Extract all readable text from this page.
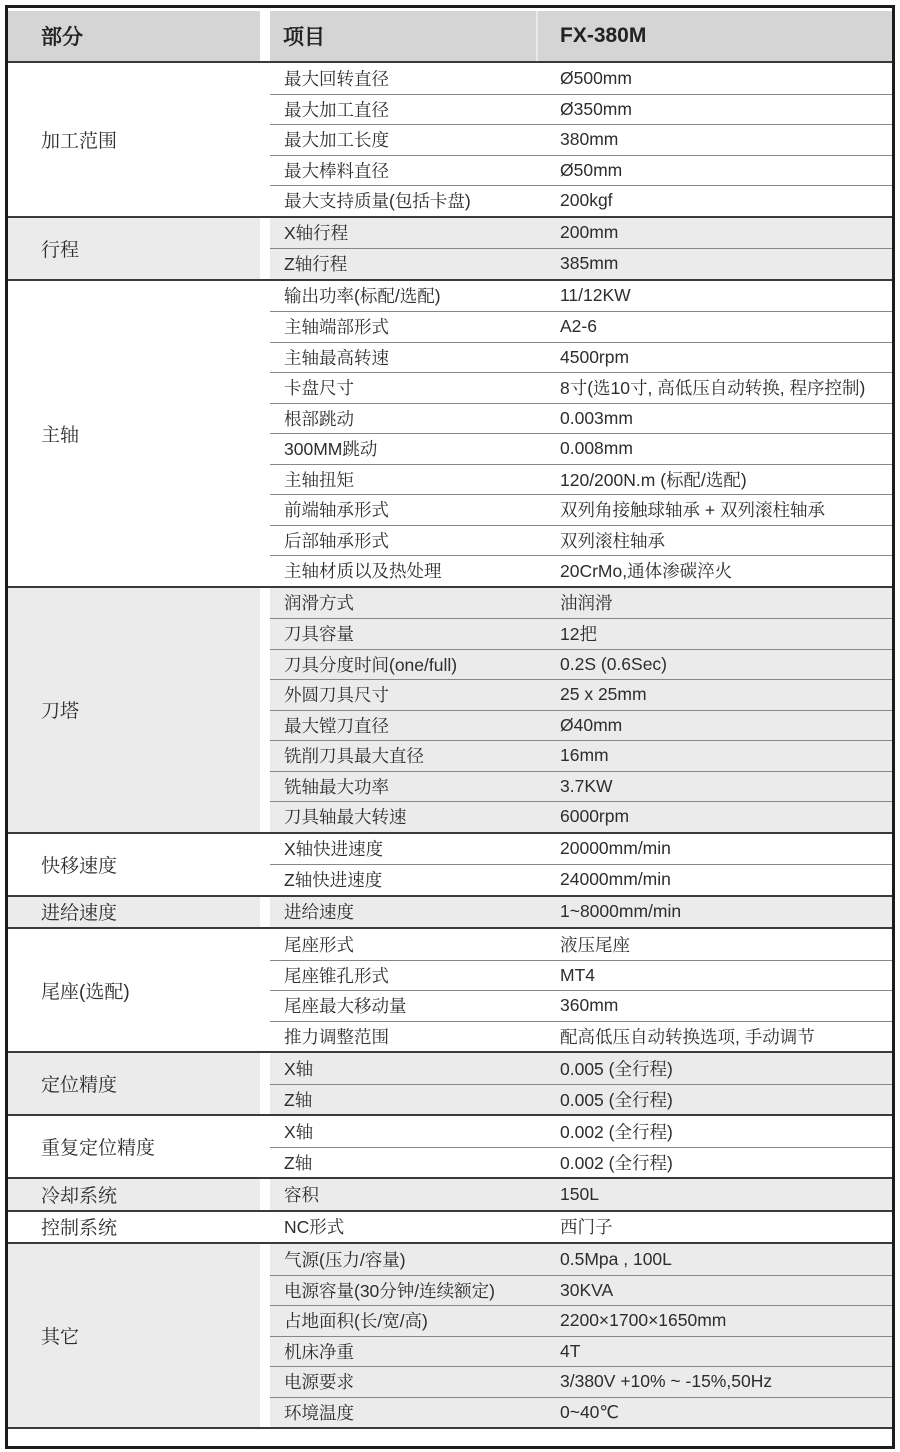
部分	项目	FX-380M
加工范围
最大回转直径	Ø500mm
最大加工直径	Ø350mm
最大加工长度	380mm
最大棒料直径	Ø50mm
最大支持质量(包括卡盘)	200kgf
行程
X轴行程	200mm
Z轴行程	385mm
主轴
输出功率(标配/选配)	11/12KW
主轴端部形式	A2-6
主轴最高转速	4500rpm
卡盘尺寸	8寸(选10寸, 高低压自动转换, 程序控制)
根部跳动	0.003mm
300MM跳动	0.008mm
主轴扭矩	120/200N.m (标配/选配)
前端轴承形式	双列角接触球轴承 + 双列滚柱轴承
后部轴承形式	双列滚柱轴承
主轴材质以及热处理	20CrMo,通体渗碳淬火
刀塔
润滑方式	油润滑
刀具容量	12把
刀具分度时间(one/full)	0.2S (0.6Sec)
外圆刀具尺寸	25 x 25mm
最大镗刀直径	Ø40mm
铣削刀具最大直径	16mm
铣轴最大功率	3.7KW
刀具轴最大转速	6000rpm
快移速度
X轴快进速度	20000mm/min
Z轴快进速度	24000mm/min
进给速度	进给速度	1~8000mm/min
尾座(选配)
尾座形式	液压尾座
尾座锥孔形式	MT4
尾座最大移动量	360mm
推力调整范围	配高低压自动转换选项, 手动调节
定位精度
X轴	0.005 (全行程)
Z轴	0.005 (全行程)
重复定位精度
X轴	0.002 (全行程)
Z轴	0.002 (全行程)
冷却系统	容积	150L
控制系统	NC形式	西门子
其它
气源(压力/容量)	0.5Mpa , 100L
电源容量(30分钟/连续额定)	30KVA
占地面积(长/宽/高)	2200×1700×1650mm
机床净重	4T
电源要求	3/380V +10% ~ -15%,50Hz
环境温度	0~40℃
